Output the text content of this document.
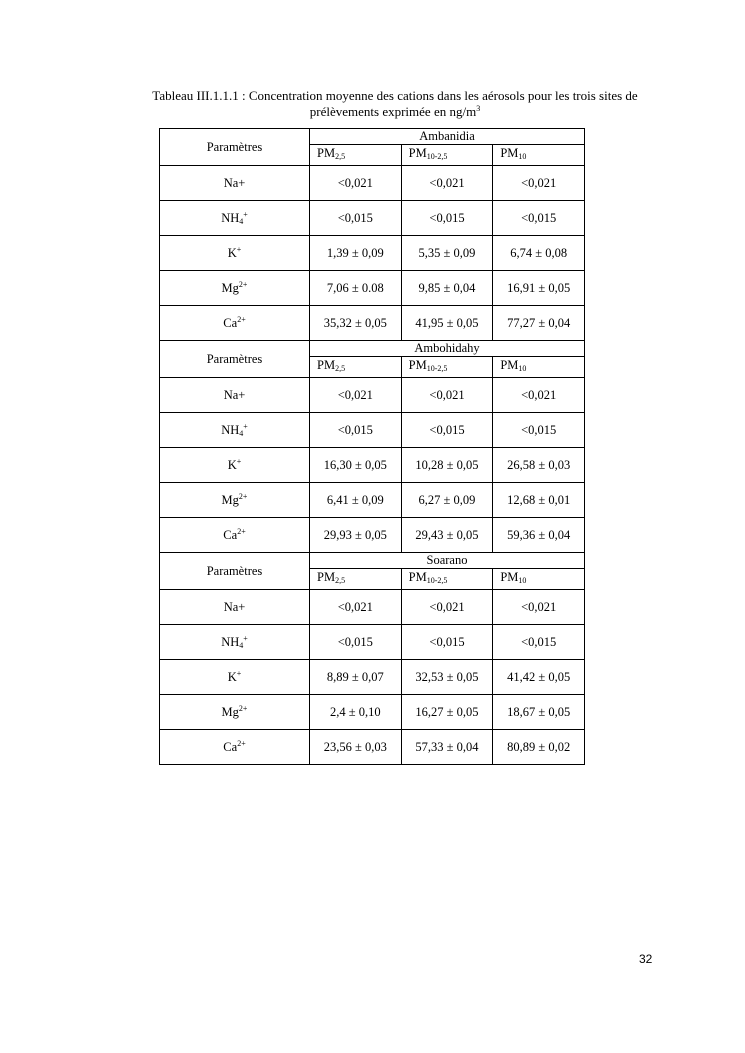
Tableau III.1.1.1 : Concentration moyenne des cations dans les aérosols pour les trois sites de
prélèvements exprimée en $ng/m^3$
Paramètres	Ambanidia		
	$PM_{2,5}$	$PM_{10-2,5}$	$PM_{10}$
Na+	<0,021	<0,021	<0,021
$NH_4^+$	<0,015	<0,015	<0,015
K+	1,39 ± 0,09	5,35 ± 0,09	6,74 ± 0,08
$Mg^{2+}$	7,06 ± 0.08	9,85 ± 0,04	16,91 ± 0,05
$Ca^{2+}$	35,32 ± 0,05	41,95 ± 0,05	77,27 ± 0,04
Paramètres	Ambohidahy		
	$PM_{2,5}$	$PM_{10-2,5}$	$PM_{10}$
Na+	<0,021	<0,021	<0,021
$NH_4^+$	<0,015	<0,015	<0,015
K+	16,30 ± 0,05	10,28 ± 0,05	26,58 ± 0,03
$Mg^{2+}$	6,41 ± 0,09	6,27 ± 0,09	12,68 ± 0,01
$Ca^{2+}$	29,93 ± 0,05	29,43 ± 0,05	59,36 ± 0,04
Paramètres	Soarano		
	$PM_{2,5}$	$PM_{10-2,5}$	$PM_{10}$
Na+	<0,021	<0,021	<0,021
$NH_4^+$	<0,015	<0,015	<0,015
K+	8,89 ± 0,07	32,53 ± 0,05	41,42 ± 0,05
$Mg^{2+}$	2,4 ± 0,10	16,27 ± 0,05	18,67 ± 0,05
$Ca^{2+}$	23,56 ± 0,03	57,33 ± 0,04	80,89 ± 0,02
32
